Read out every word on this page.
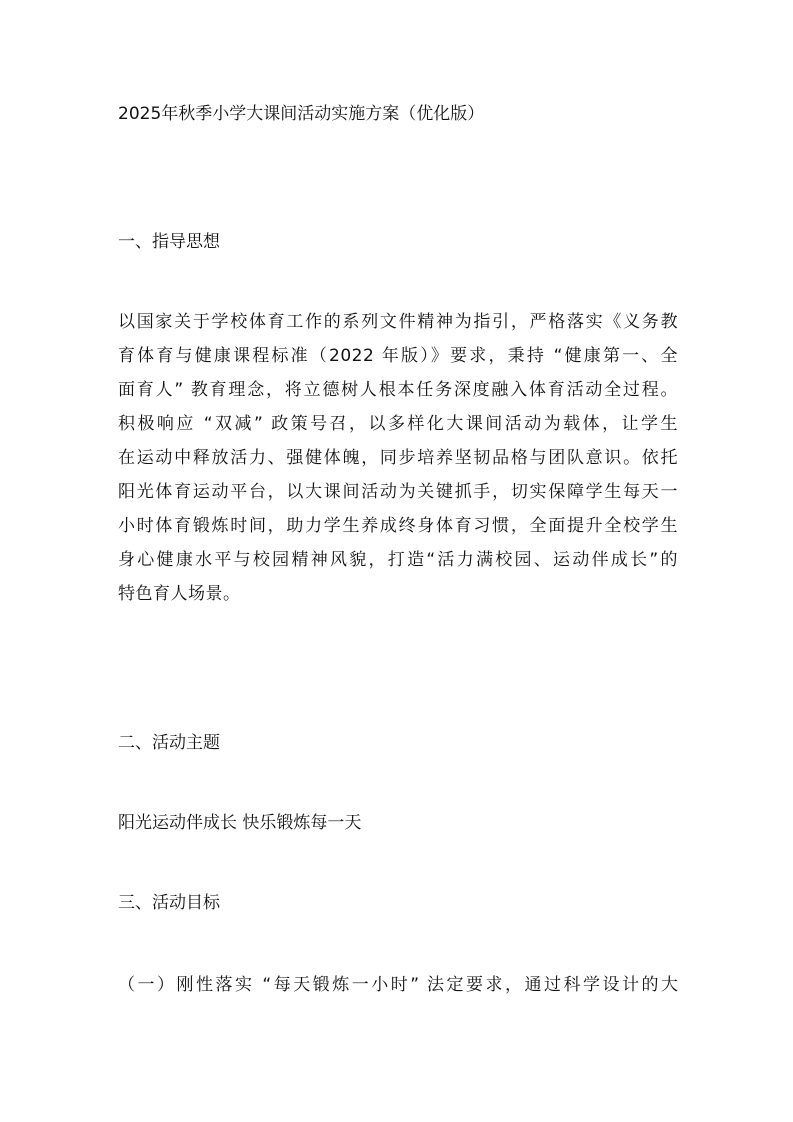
2025年秋季小学大课间活动实施方案（优化版）
一、指导思想
以国家关于学校体育工作的系列文件精神为指引，严格落实《义务教
育体育与健康课程标准（2022 年版）》要求，秉持 “健康第一、全
面育人” 教育理念，将立德树人根本任务深度融入体育活动全过程。
积极响应 “双减” 政策号召，以多样化大课间活动为载体，让学生
在运动中释放活力、强健体魄，同步培养坚韧品格与团队意识。依托
阳光体育运动平台，以大课间活动为关键抓手，切实保障学生每天一
小时体育锻炼时间，助力学生养成终身体育习惯，全面提升全校学生
身心健康水平与校园精神风貌，打造“活力满校园、运动伴成长”的
特色育人场景。
二、活动主题
阳光运动伴成长 快乐锻炼每一天
三、活动目标
（一）刚性落实 “每天锻炼一小时” 法定要求，通过科学设计的大
